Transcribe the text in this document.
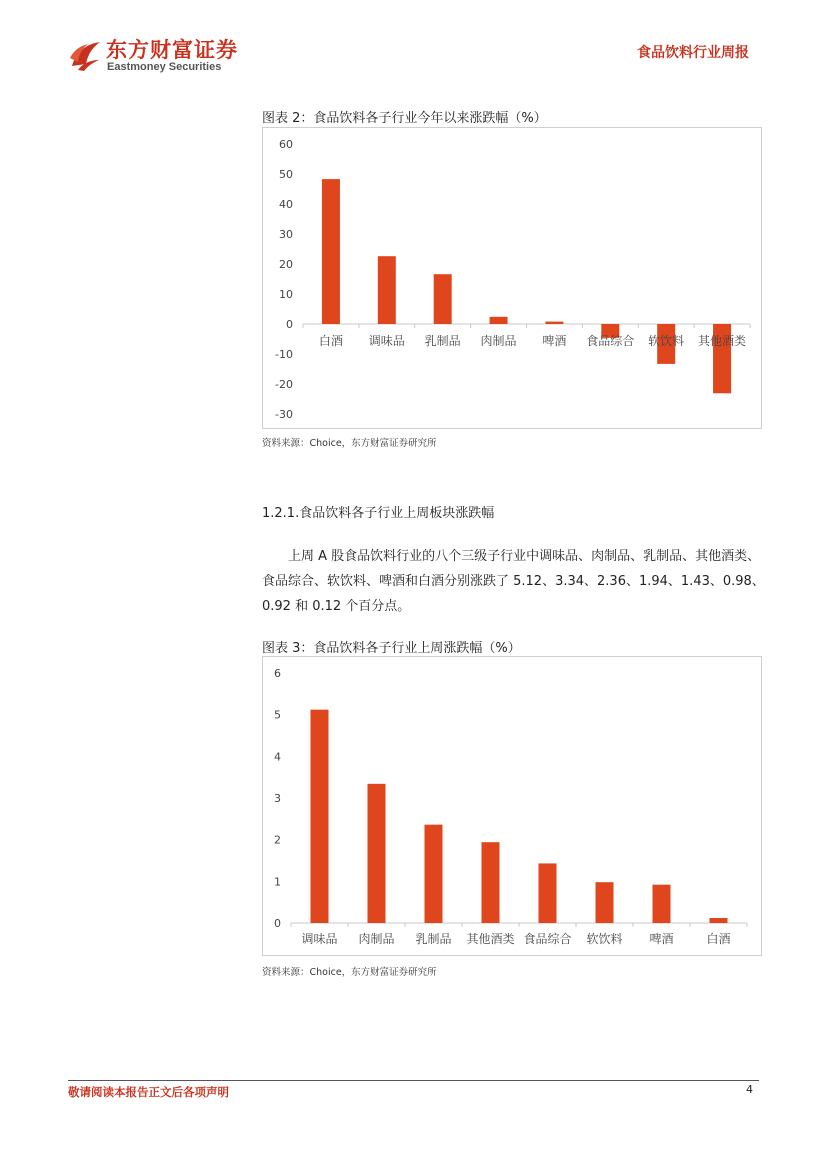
东方财富证券
Eastmoney Securities
食品饮料行业周报
图表 2：食品饮料各子行业今年以来涨跌幅（%）
60
50
40
30
20
10
0
-10
-20
-30
白酒 调味品 乳制品 肉制品 啤酒 食品综合 软饮料 其他酒类
资料来源：Choice，东方财富证券研究所
1.2.1.食品饮料各子行业上周板块涨跌幅
上周 A 股食品饮料行业的八个三级子行业中调味品、肉制品、乳制品、其他酒类、食品综合、软饮料、啤酒和白酒分别涨跌了 5.12、3.34、2.36、1.94、1.43、0.98、0.92 和 0.12 个百分点。
图表 3：食品饮料各子行业上周涨跌幅（%）
6
5
4
3
2
1
0
调味品 肉制品 乳制品 其他酒类 食品综合 软饮料 啤酒	白酒
资料来源：Choice，东方财富证券研究所
敬请阅读本报告正文后各项声明	4
